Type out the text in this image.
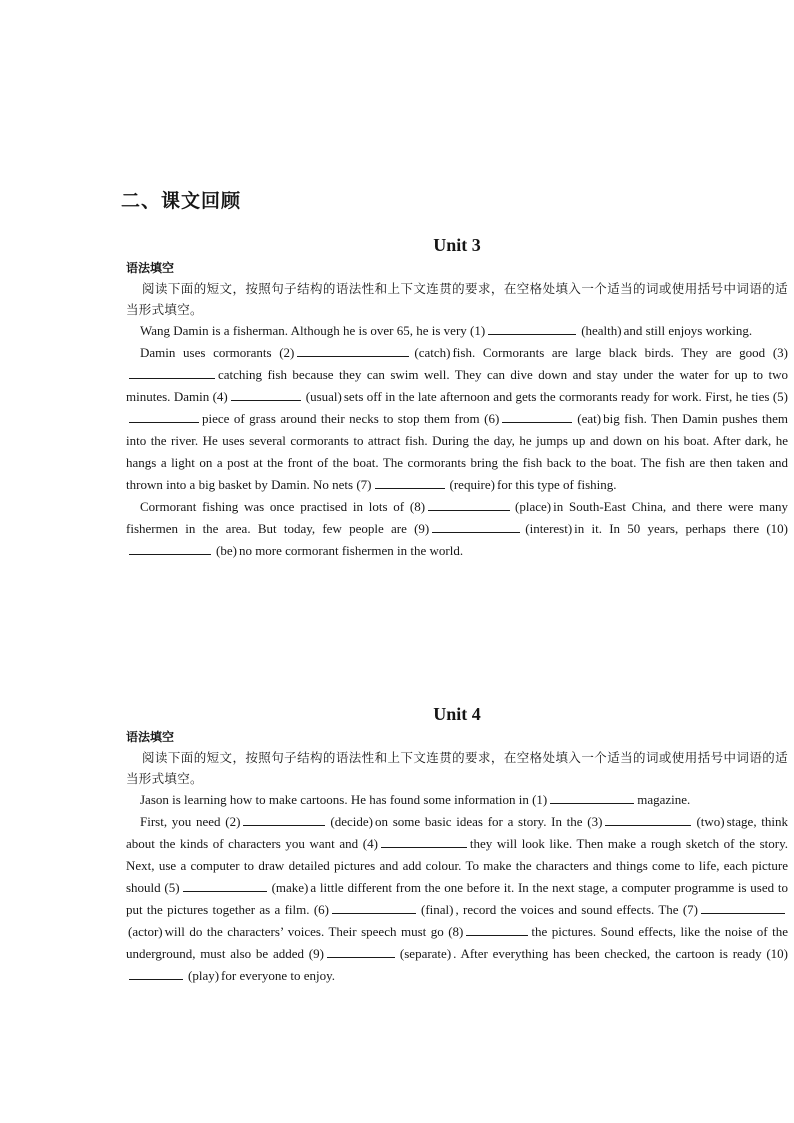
二、课文回顾
Unit 3
语法填空

阅读下面的短文，按照句子结构的语法性和上下文连贯的要求，在空格处填入一个适当的词或使用括号中词语的适当形式填空。

Wang Damin is a fisherman. Although he is over 65, he is very (1)	(health) and still enjoys working.

Damin uses cormorants (2)	(catch) fish. Cormorants are large black birds. They are good (3)catching fish because they can swim well. They can dive down and stay under the water for up to two minutes. Damin (4)	(usual) sets off in the late afternoon and gets the cormorants ready for work. First, he ties (5)piece of grass around their necks to stop them from (6)	(eat) big fish. Then Damin pushes them into the river. He uses several cormorants to attract fish. During the day, he jumps up and down on his boat. After dark, he hangs a light on a post at the front of the boat. The cormorants bring the fish back to the boat. The fish are then taken and thrown into a big basket by Damin. No nets (7)	(require) for this type of fishing.

Cormorant fishing was once practised in lots of (8)	(place) in South-East China, and there were many fishermen in the area. But today, few people are (9)	(interest) in it. In 50 years, perhaps there (10)(be) no more cormorant fishermen in the world.

Unit 4
语法填空

阅读下面的短文，按照句子结构的语法性和上下文连贯的要求，在空格处填入一个适当的词或使用括号中词语的适当形式填空。

Jason is learning how to make cartoons. He has found some information in (1)	magazine.

First, you need (2)	(decide) on some basic ideas for a story. In the (3)	(two) stage, think about the kinds of characters you want and (4)	they will look like. Then make a rough sketch of the story. Next, use a computer to draw detailed pictures and add colour. To make the characters and things come to life, each picture should (5)	(make) a little different from the one before it. In the next stage, a computer programme is used to put the pictures together as a film. (6)	(final) , record the voices and sound effects. The (7)(actor) will do the characters’ voices. Their speech must go (8)	the pictures. Sound effects, like the noise of the underground, must also be added (9)	(separate) . After everything has been checked, the cartoon is ready (10)(play) for everyone to enjoy.
